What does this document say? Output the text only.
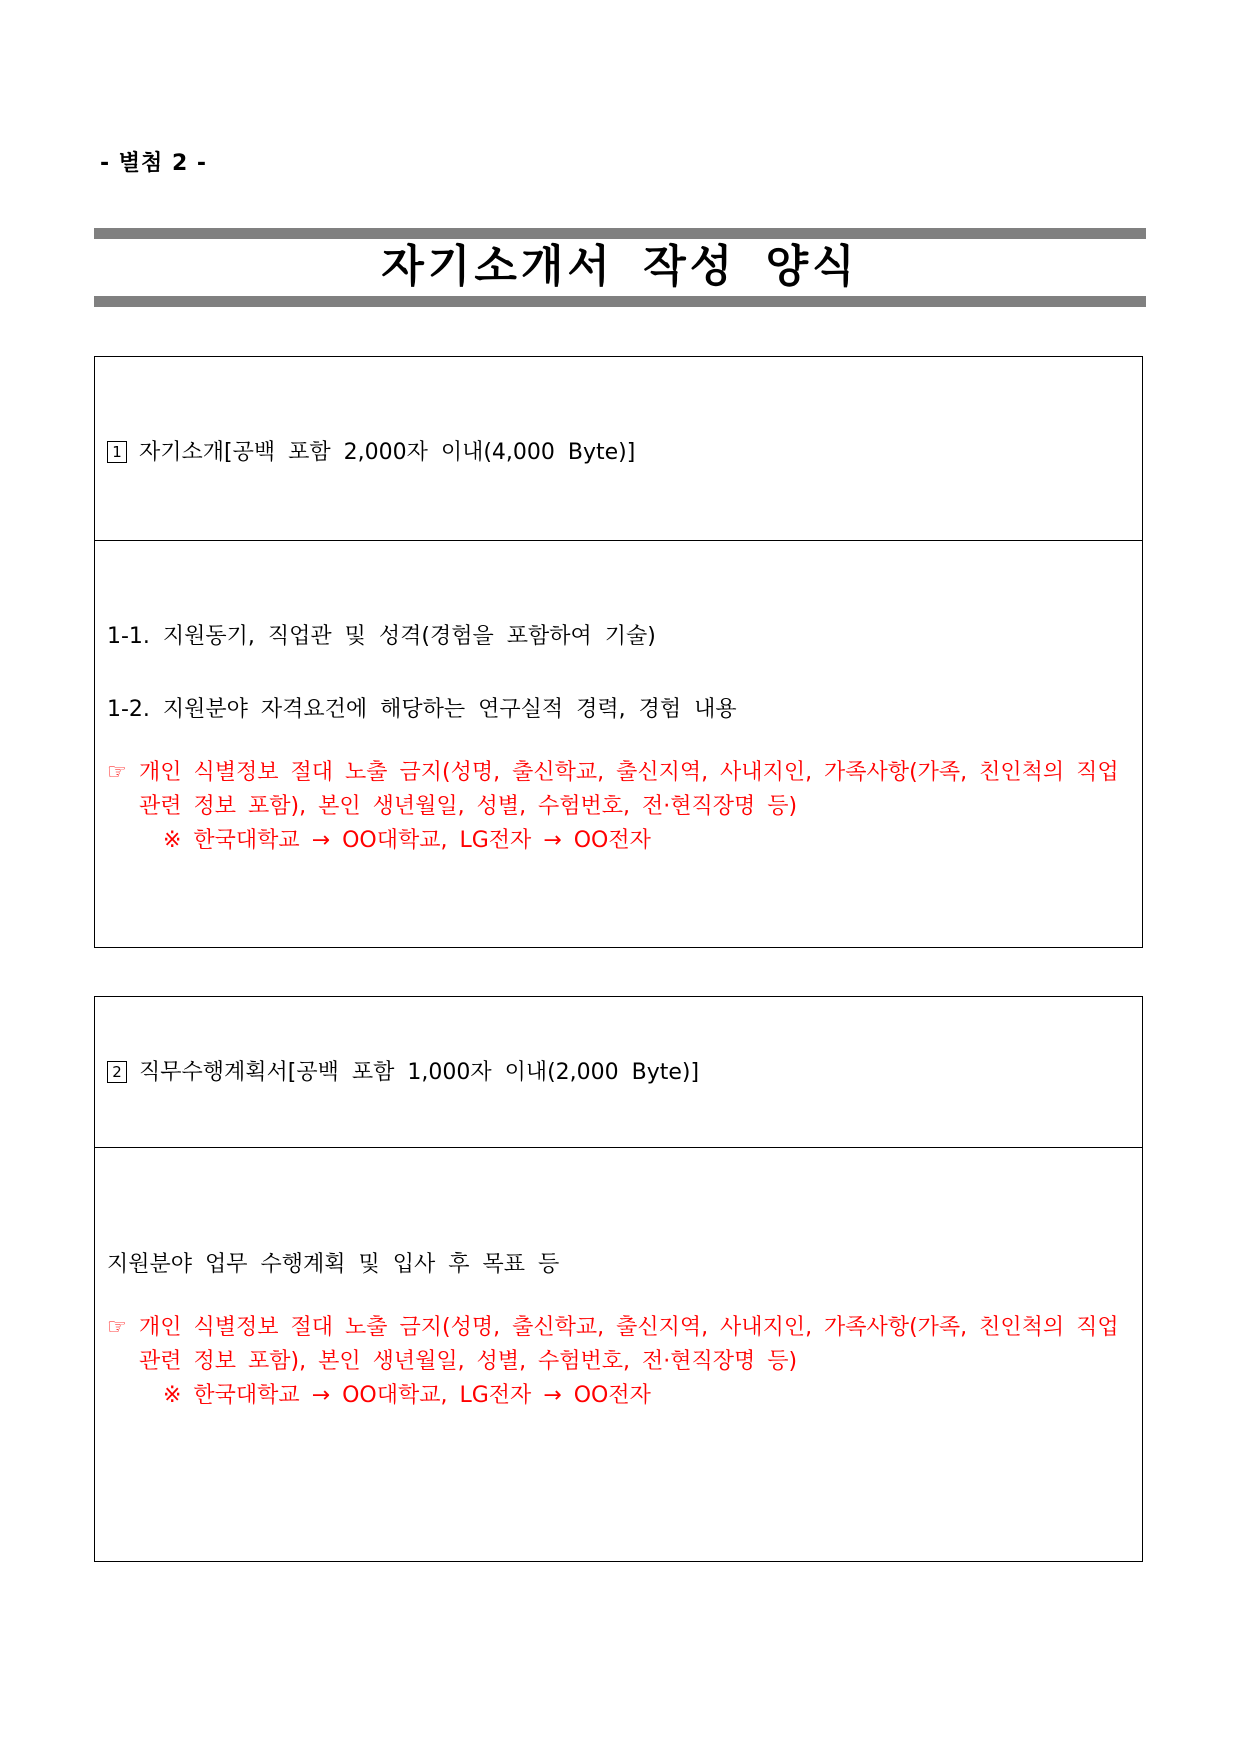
- 별첨 2 -
자기소개서 작성 양식
1 자기소개[공백 포함 2,000자 이내(4,000 Byte)]
1-1. 지원동기, 직업관 및 성격(경험을 포함하여 기술)
1-2. 지원분야 자격요건에 해당하는 연구실적 경력, 경험 내용
☞ 개인 식별정보 절대 노출 금지(성명, 출신학교, 출신지역, 사내지인, 가족사항(가족, 친인척의 직업
관련 정보 포함), 본인 생년월일, 성별, 수험번호, 전·현직장명 등)
※ 한국대학교 → OO대학교, LG전자 → OO전자
2 직무수행계획서[공백 포함 1,000자 이내(2,000 Byte)]
지원분야 업무 수행계획 및 입사 후 목표 등
☞ 개인 식별정보 절대 노출 금지(성명, 출신학교, 출신지역, 사내지인, 가족사항(가족, 친인척의 직업
관련 정보 포함), 본인 생년월일, 성별, 수험번호, 전·현직장명 등)
※ 한국대학교 → OO대학교, LG전자 → OO전자
